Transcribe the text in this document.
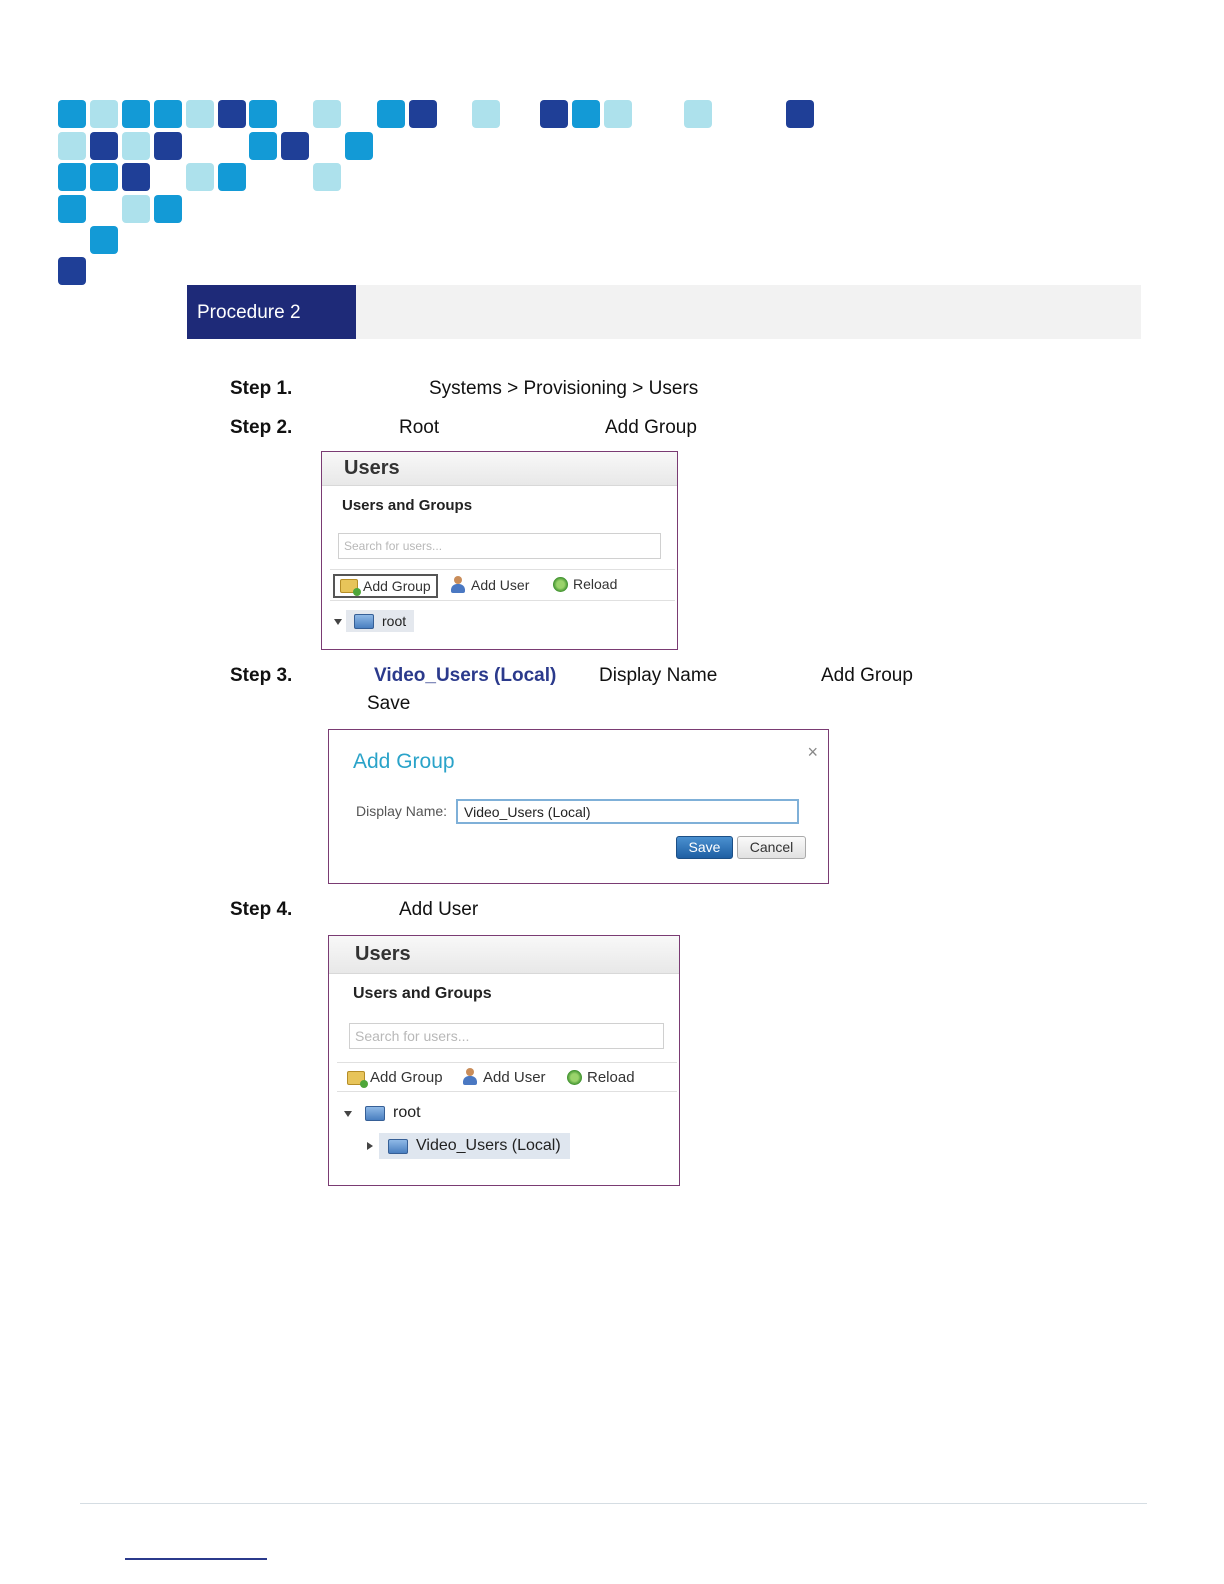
Procedure 2
Step 1.	Systems > Provisioning > Users
Step 2.	Root	Add Group
Users
Users and Groups
Search for users...
Add Group	Add User	Reload
root
Step 3.	Video_Users (Local) Display Name	Add Group
Save
Add Group	×
Display Name:	Video_Users (Local)
Save	Cancel
Step 4.	Add User
Users
Users and Groups
Search for users...
Add Group	Add User	Reload
root
Video_Users (Local)
